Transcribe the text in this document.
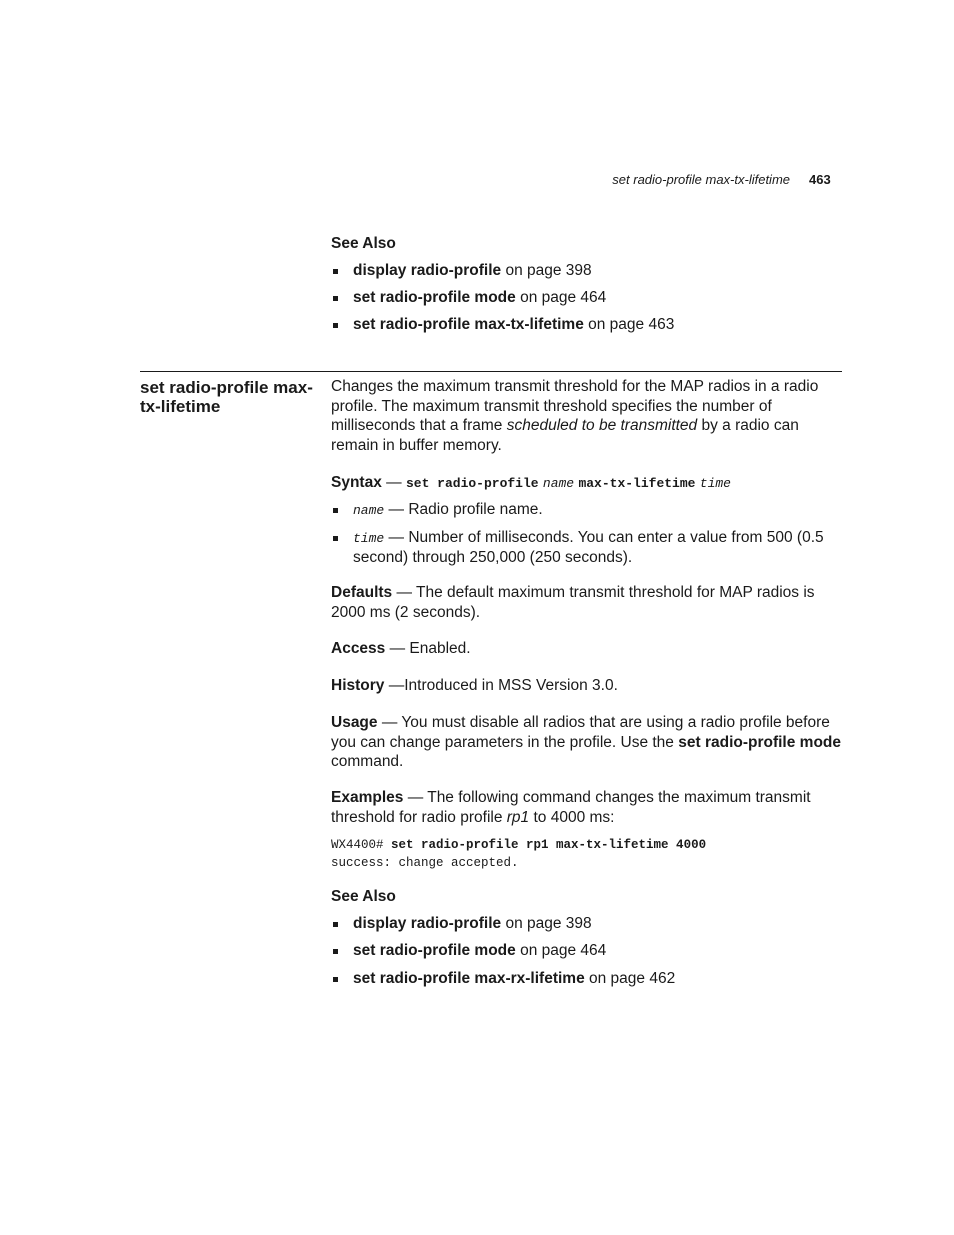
set radio-profile max-tx-lifetime 463
See Also
display radio-profile on page 398
set radio-profile mode on page 464
set radio-profile max-tx-lifetime on page 463
set radio-profile max-tx-lifetime

Changes the maximum transmit threshold for the MAP radios in a radio profile. The maximum transmit threshold specifies the number of milliseconds that a frame scheduled to be transmitted by a radio can remain in buffer memory.

Syntax — set radio-profile name max-tx-lifetime time
name — Radio profile name.
time — Number of milliseconds. You can enter a value from 500 (0.5 second) through 250,000 (250 seconds).
Defaults — The default maximum transmit threshold for MAP radios is 2000 ms (2 seconds).
Access — Enabled.
History —Introduced in MSS Version 3.0.
Usage — You must disable all radios that are using a radio profile before you can change parameters in the profile. Use the set radio-profile mode command.
Examples — The following command changes the maximum transmit threshold for radio profile rp1 to 4000 ms:
WX4400# set radio-profile rp1 max-tx-lifetime 4000
success: change accepted.
See Also
display radio-profile on page 398
set radio-profile mode on page 464
set radio-profile max-rx-lifetime on page 462
